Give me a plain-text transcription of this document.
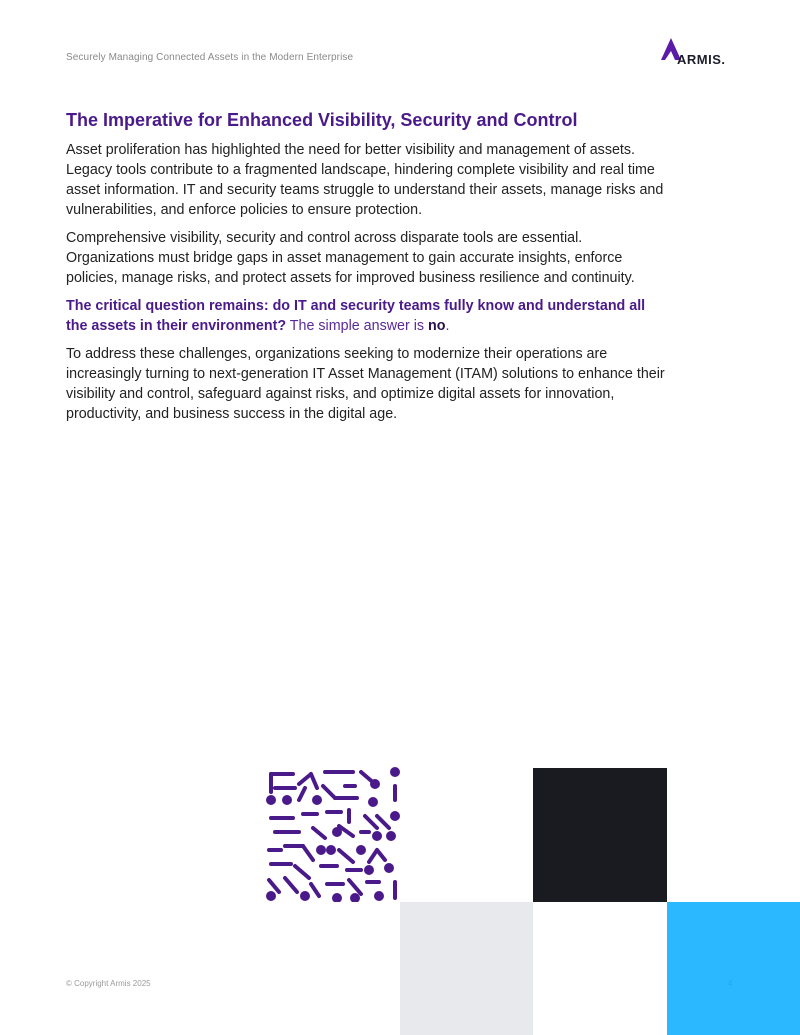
Securely Managing Connected Assets in the Modern Enterprise	ARMIS.
The Imperative for Enhanced Visibility, Security and Control

Asset proliferation has highlighted the need for better visibility and management of assets. Legacy tools contribute to a fragmented landscape, hindering complete visibility and real time asset information. IT and security teams struggle to understand their assets, manage risks and vulnerabilities, and enforce policies to ensure protection.

Comprehensive visibility, security and control across disparate tools are essential. Organizations must bridge gaps in asset management to gain accurate insights, enforce policies, manage risks, and protect assets for improved business resilience and continuity.

The critical question remains: do IT and security teams fully know and understand all the assets in their environment? The simple answer is no.

To address these challenges, organizations seeking to modernize their operations are increasingly turning to next-generation IT Asset Management (ITAM) solutions to enhance their visibility and control, safeguard against risks, and optimize digital assets for innovation, productivity, and business success in the digital age.

© Copyright Armis 2025	4
